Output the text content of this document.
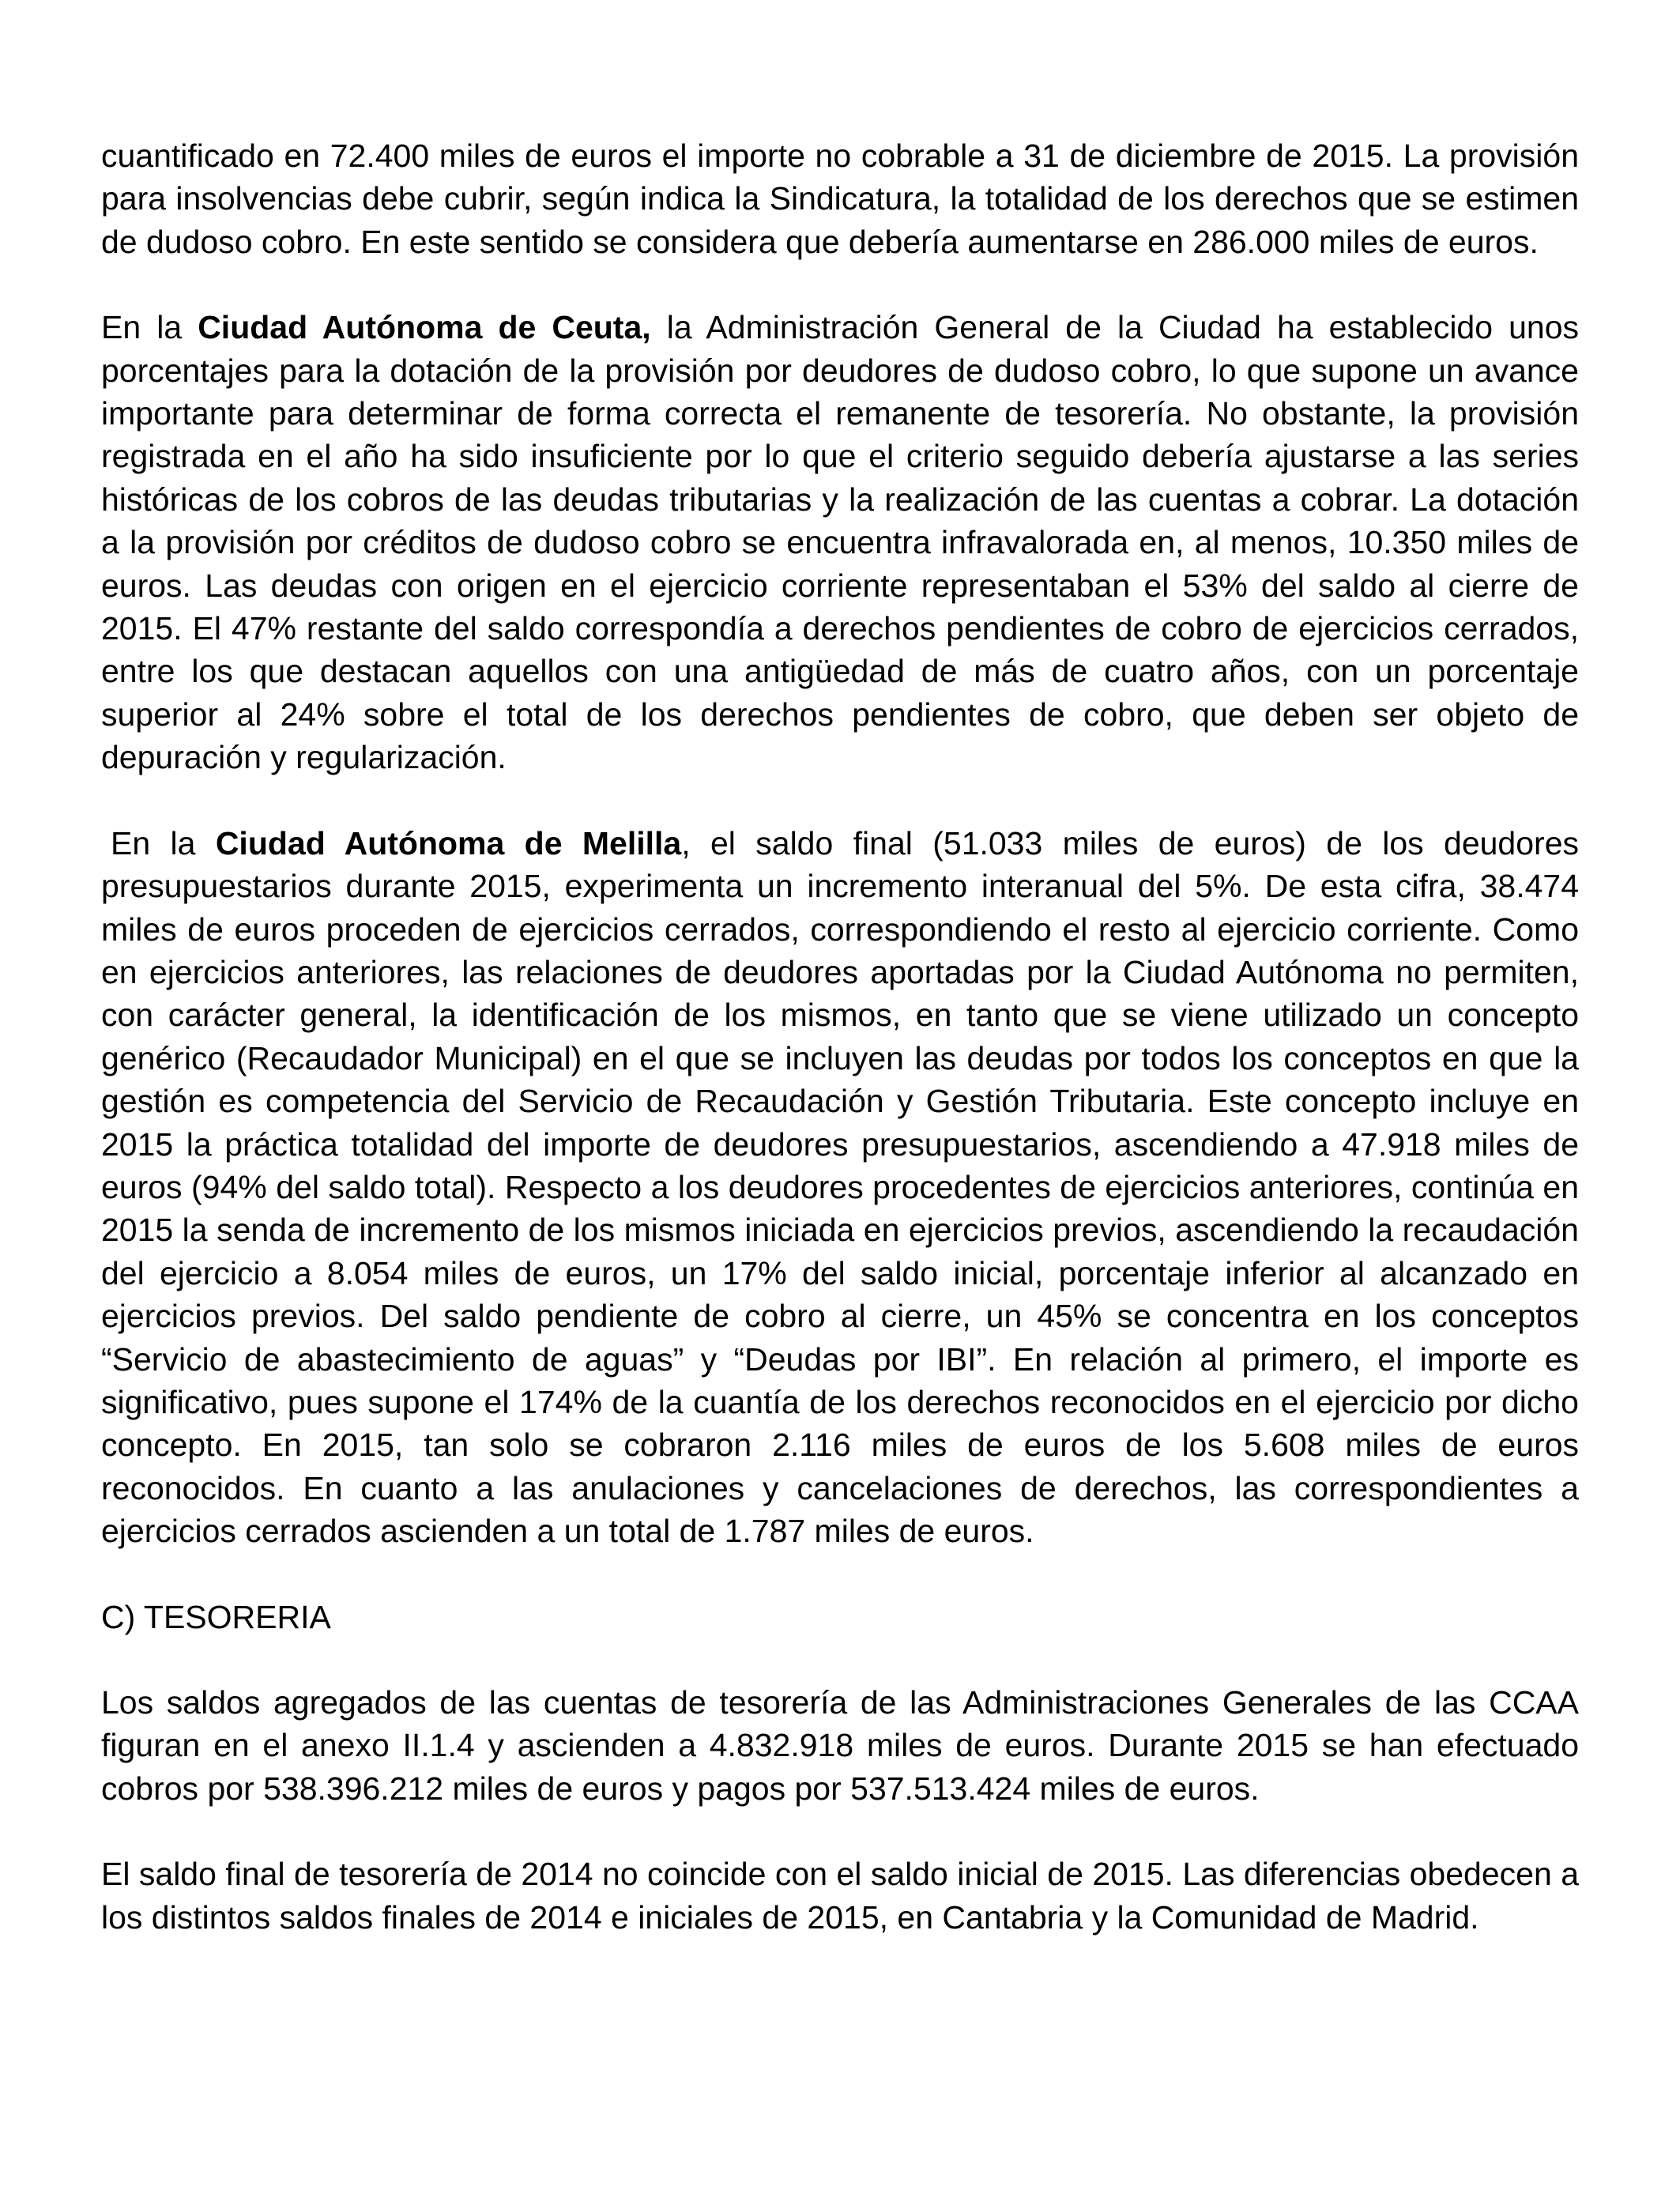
cuantificado en 72.400 miles de euros el importe no cobrable a 31 de diciembre de 2015. La provisión para insolvencias debe cubrir, según indica la Sindicatura, la totalidad de los derechos que se estimen de dudoso cobro. En este sentido se considera que debería aumentarse en 286.000 miles de euros.

En la Ciudad Autónoma de Ceuta, la Administración General de la Ciudad ha establecido unos porcentajes para la dotación de la provisión por deudores de dudoso cobro, lo que supone un avance importante para determinar de forma correcta el remanente de tesorería. No obstante, la provisión registrada en el año ha sido insuficiente por lo que el criterio seguido debería ajustarse a las series históricas de los cobros de las deudas tributarias y la realización de las cuentas a cobrar. La dotación a la provisión por créditos de dudoso cobro se encuentra infravalorada en, al menos, 10.350 miles de euros. Las deudas con origen en el ejercicio corriente representaban el 53% del saldo al cierre de 2015. El 47% restante del saldo correspondía a derechos pendientes de cobro de ejercicios cerrados, entre los que destacan aquellos con una antigüedad de más de cuatro años, con un porcentaje superior al 24% sobre el total de los derechos pendientes de cobro, que deben ser objeto de depuración y regularización.

En la Ciudad Autónoma de Melilla, el saldo final (51.033 miles de euros) de los deudores presupuestarios durante 2015, experimenta un incremento interanual del 5%. De esta cifra, 38.474 miles de euros proceden de ejercicios cerrados, correspondiendo el resto al ejercicio corriente. Como en ejercicios anteriores, las relaciones de deudores aportadas por la Ciudad Autónoma no permiten, con carácter general, la identificación de los mismos, en tanto que se viene utilizado un concepto genérico (Recaudador Municipal) en el que se incluyen las deudas por todos los conceptos en que la gestión es competencia del Servicio de Recaudación y Gestión Tributaria. Este concepto incluye en 2015 la práctica totalidad del importe de deudores presupuestarios, ascendiendo a 47.918 miles de euros (94% del saldo total). Respecto a los deudores procedentes de ejercicios anteriores, continúa en 2015 la senda de incremento de los mismos iniciada en ejercicios previos, ascendiendo la recaudación del ejercicio a 8.054 miles de euros, un 17% del saldo inicial, porcentaje inferior al alcanzado en ejercicios previos. Del saldo pendiente de cobro al cierre, un 45% se concentra en los conceptos “Servicio de abastecimiento de aguas” y “Deudas por IBI”. En relación al primero, el importe es significativo, pues supone el 174% de la cuantía de los derechos reconocidos en el ejercicio por dicho concepto. En 2015, tan solo se cobraron 2.116 miles de euros de los 5.608 miles de euros reconocidos. En cuanto a las anulaciones y cancelaciones de derechos, las correspondientes a ejercicios cerrados ascienden a un total de 1.787 miles de euros.

C) TESORERIA

Los saldos agregados de las cuentas de tesorería de las Administraciones Generales de las CCAA figuran en el anexo II.1.4 y ascienden a 4.832.918 miles de euros. Durante 2015 se han efectuado cobros por 538.396.212 miles de euros y pagos por 537.513.424 miles de euros.

El saldo final de tesorería de 2014 no coincide con el saldo inicial de 2015. Las diferencias obedecen a los distintos saldos finales de 2014 e iniciales de 2015, en Cantabria y la Comunidad de Madrid.
